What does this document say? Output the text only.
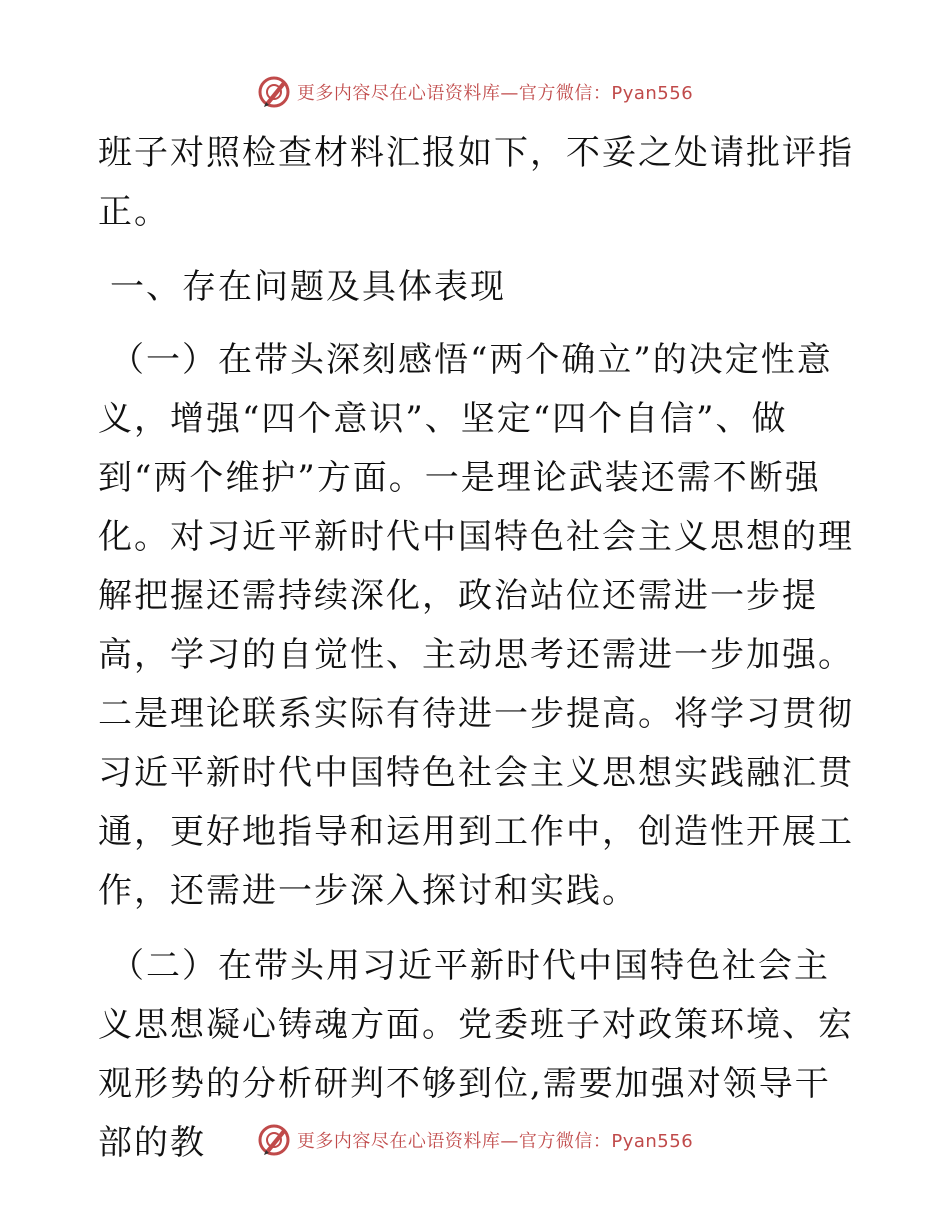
更多内容尽在心语资料库—官方微信：Pyan556

班子对照检查材料汇报如下，不妥之处请批评指正。

一、存在问题及具体表现

（一）在带头深刻感悟“两个确立”的决定性意义，增强“四个意识”、坚定“四个自信”、做到“两个维护”方面。一是理论武装还需不断强化。对习近平新时代中国特色社会主义思想的理解把握还需持续深化，政治站位还需进一步提高，学习的自觉性、主动思考还需进一步加强。二是理论联系实际有待进一步提高。将学习贯彻习近平新时代中国特色社会主义思想实践融汇贯通，更好地指导和运用到工作中，创造性开展工作，还需进一步深入探讨和实践。

（二）在带头用习近平新时代中国特色社会主义思想凝心铸魂方面。党委班子对政策环境、宏观形势的分析研判不够到位,需要加强对领导干部的教	更多内容尽在心语资料库—官方微信：Pyan556
